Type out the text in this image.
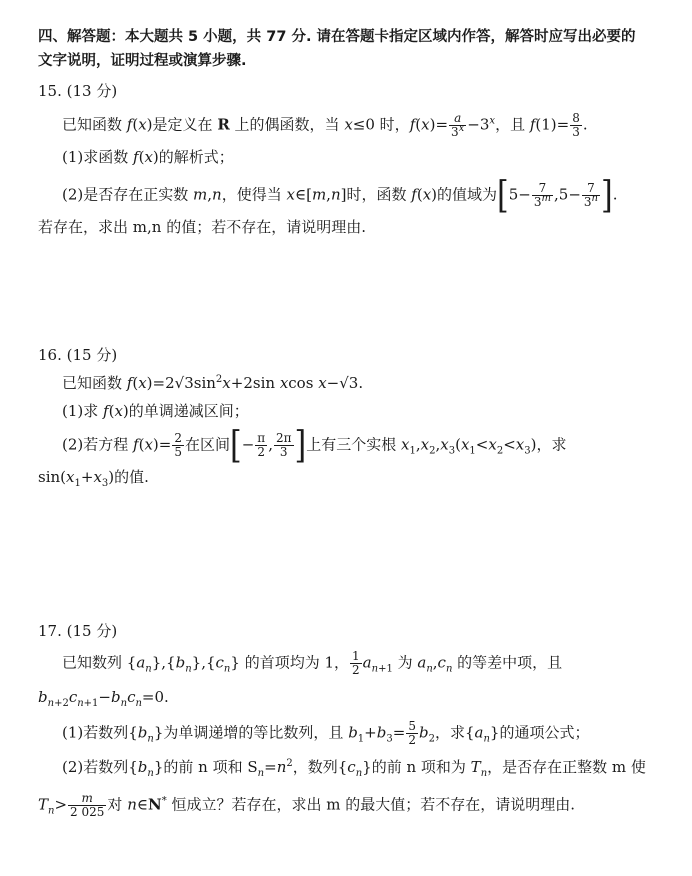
四、解答题：本大题共 5 小题，共 77 分. 请在答题卡指定区域内作答，解答时应写出必要的
文字说明，证明过程或演算步骤.
15. (13 分)
已知函数 f(x)是定义在 R 上的偶函数，当 x≤0 时，$f(x)= \frac{a}{3^x} -3^x$，且 $f(1)= \frac{8}{3}$ .
(1)求函数 f(x)的解析式；
(2)是否存在正实数 m,n，使得当 x∈[m,n]时，函数 f(x)的值域为[$5- \frac{7}{3^m} ,5- \frac{7}{3^n}$ ].
若存在，求出 m,n 的值；若不存在，请说明理由.
16. (15 分)
已知函数 $f(x)=2√3\sin^2x+2\sin$ xcos x−√3.
(1)求 f(x)的单调递减区间；
(2)若方程 $f(x)= \frac{2}{5}$ 在区间[− $\frac{\pi}{2}$ , $\frac{2\pi}{3}$ ]上有三个实根 $x_1,x_2,x_3(x_1<x_2<x_3)$，求
$\sin(x_1+x_3)$的值.
17. (15 分)
已知数列 $\{a_n\},\{b_n\},\{c_n\}$ 的首项均为 1， $\frac{1}{2} a_{n+1}$ 为 $a_n,c_n$ 的等差中项，且
$b_{n+2}c_{n+1}-b_nc_n=0$.
(1)若数列$\{b_n\}$为单调递增的等比数列，且 $b_1+b_3= \frac{5}{2} b_2$，求$\{a_n\}$的通项公式；
(2)若数列$\{b_n\}$的前 n 项和 $S_n=n^2$，数列$\{c_n\}$的前 n 项和为 $T_n$，是否存在正整数 m 使
$T_n> \frac{m}{2 025}$ 对 n∈N* 恒成立？若存在，求出 m 的最大值；若不存在，请说明理由.
